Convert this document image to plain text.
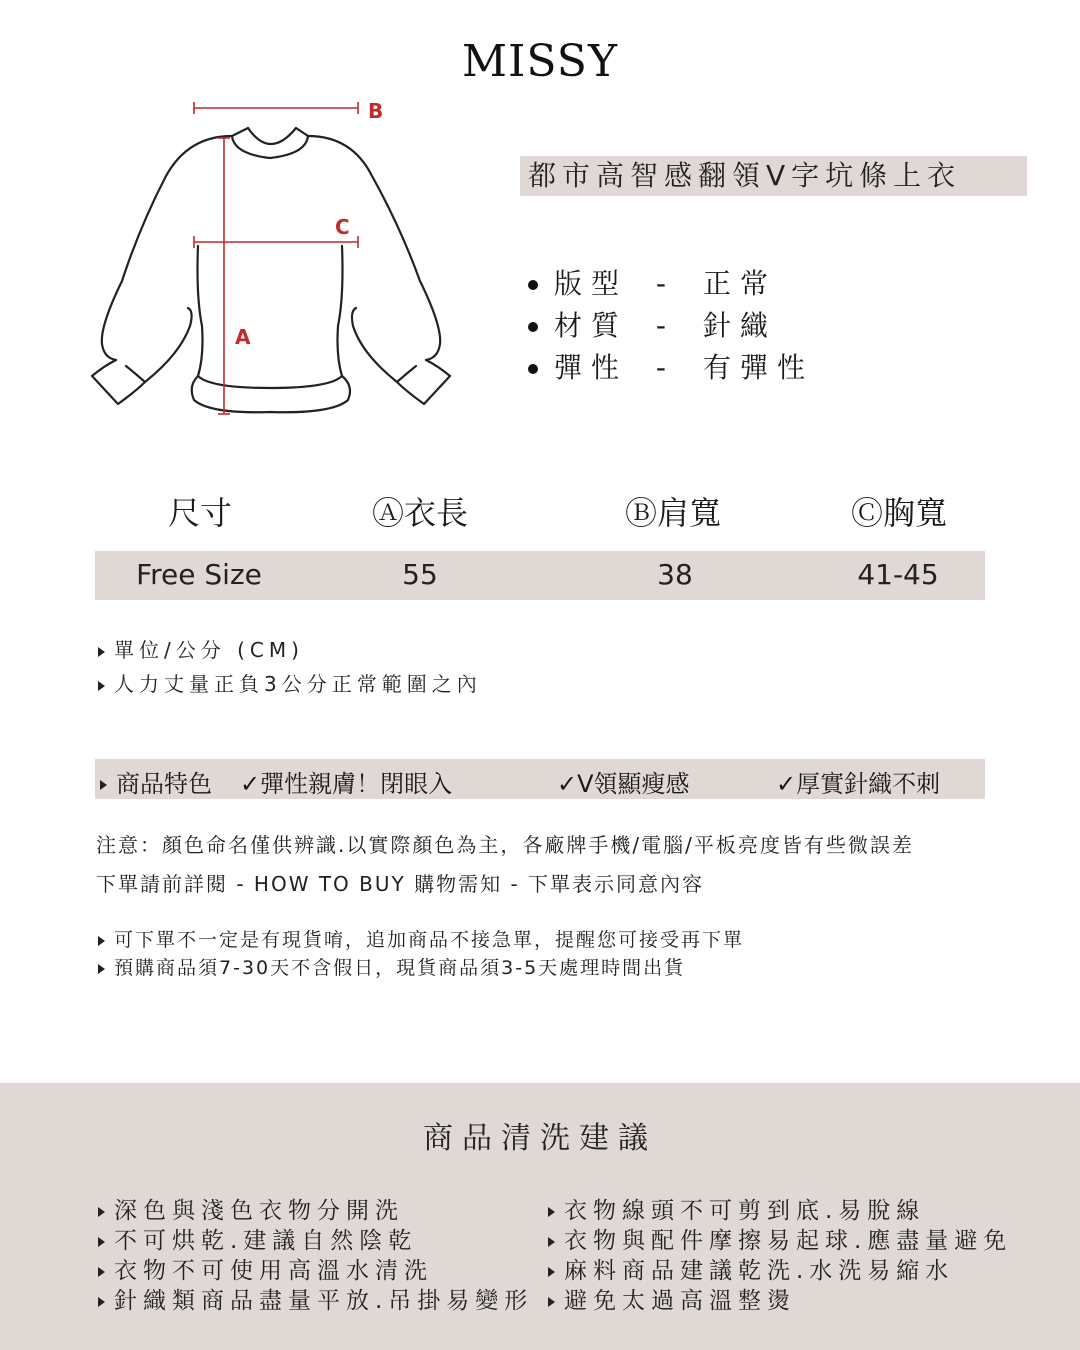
MISSY
B
C
A
都市高智感翻領V字坑條上衣
版型 - 正常
材質 - 針織
彈性 - 有彈性
尺寸	Ⓐ衣長	Ⓑ肩寬	Ⓒ胸寬
Free Size	55	38	41-45
單位/公分 (CM)
人力丈量正負3公分正常範圍之內
商品特色 ✓彈性親膚！閉眼入	✓V領顯瘦感	✓厚實針織不刺
注意：顏色命名僅供辨識.以實際顏色為主，各廠牌手機/電腦/平板亮度皆有些微誤差
下單請前詳閱 - HOW TO BUY 購物需知 - 下單表示同意內容
可下單不一定是有現貨唷，追加商品不接急單，提醒您可接受再下單
預購商品須7-30天不含假日，現貨商品須3-5天處理時間出貨
商品清洗建議
深色與淺色衣物分開洗
不可烘乾.建議自然陰乾
衣物不可使用高溫水清洗
針織類商品盡量平放.吊掛易變形
衣物線頭不可剪到底.易脫線
衣物與配件摩擦易起球.應盡量避免
麻料商品建議乾洗.水洗易縮水
避免太過高溫整燙
